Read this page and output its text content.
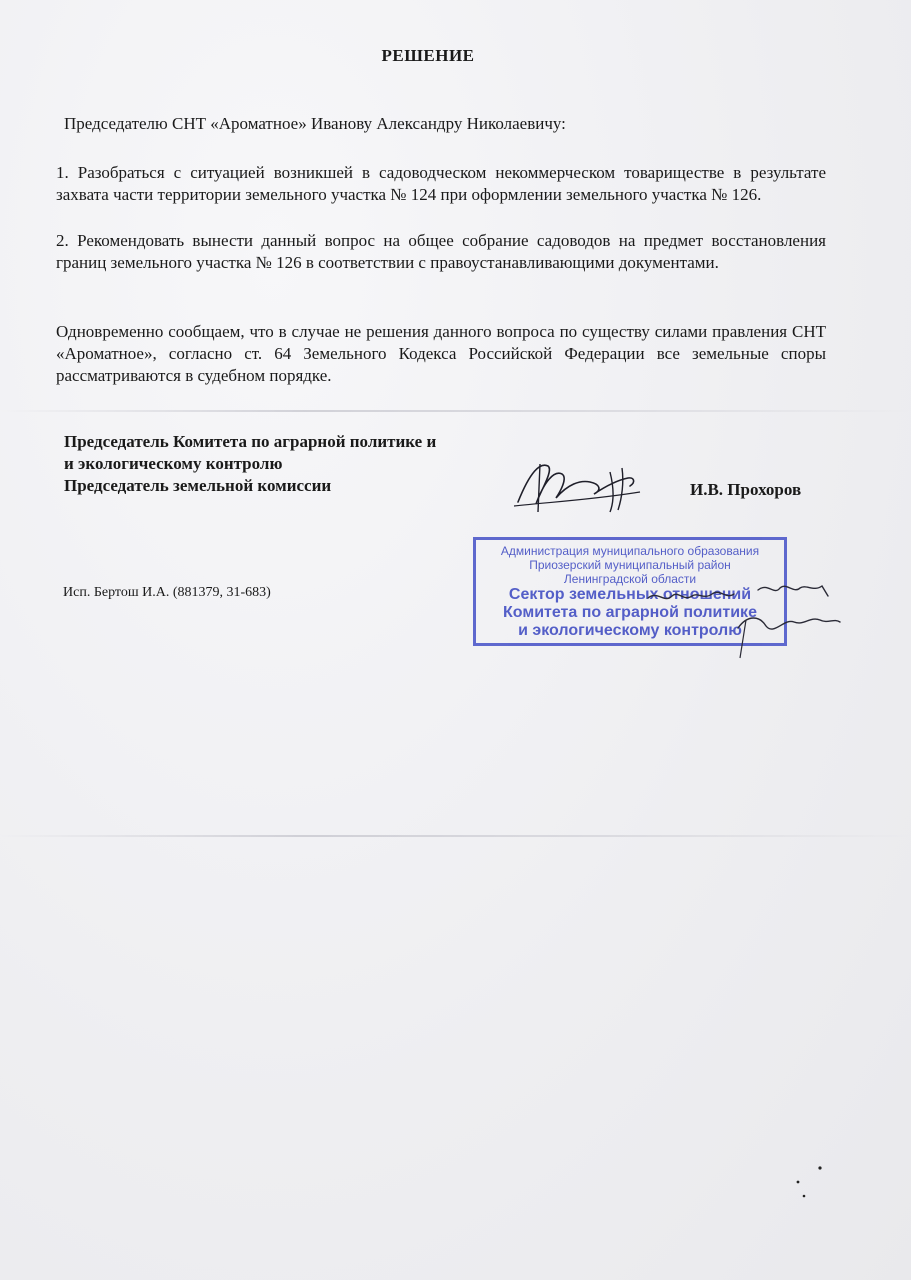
РЕШЕНИЕ
Председателю СНТ «Ароматное» Иванову Александру Николаевичу:
1. Разобраться с ситуацией возникшей в садоводческом некоммерческом товариществе в результате захвата части территории земельного участка № 124 при оформлении земельного участка № 126.
2. Рекомендовать вынести данный вопрос на общее собрание садоводов на предмет восстановления границ земельного участка № 126 в соответствии с правоустанавливающими документами.
Одновременно сообщаем, что в случае не решения данного вопроса по существу силами правления СНТ «Ароматное», согласно ст. 64 Земельного Кодекса Российской Федерации все земельные споры рассматриваются в судебном порядке.
Председатель Комитета по аграрной политике и
и экологическому контролю
Председатель земельной комиссии	И.В. Прохоров
Исп. Бертош И.А. (881379, 31-683)
Администрация муниципального образования
Приозерский муниципальный район
Ленинградской области
Сектор земельных отношений
Комитета по аграрной политике
и экологическому контролю
